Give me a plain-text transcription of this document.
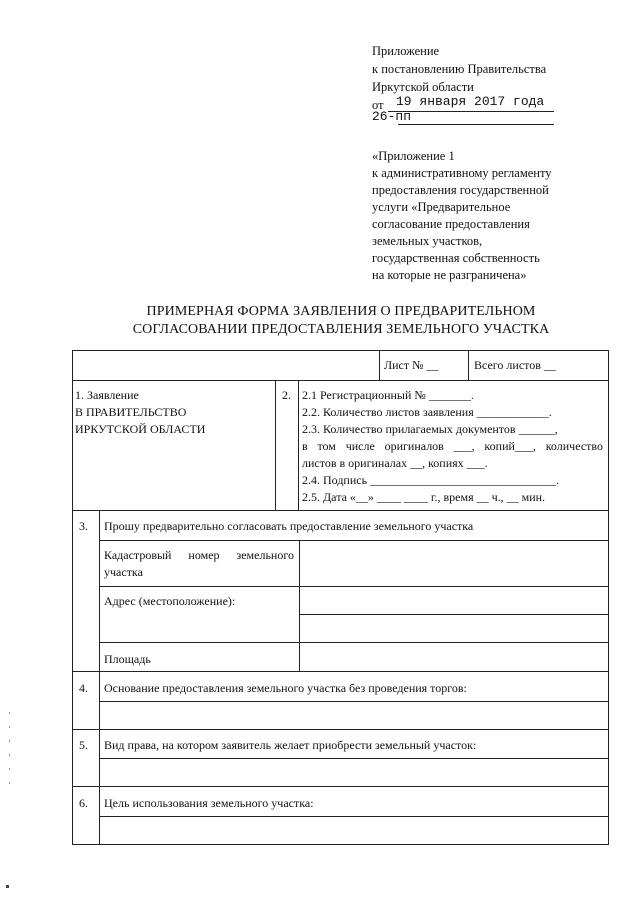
Приложение
к постановлению Правительства
Иркутской области
от 19 января 2017 года
26-пп
«Приложение 1
к административному регламенту
предоставления государственной
услуги «Предварительное
согласование предоставления
земельных участков,
государственная собственность
на которые не разграничена»
ПРИМЕРНАЯ ФОРМА ЗАЯВЛЕНИЯ О ПРЕДВАРИТЕЛЬНОМ
СОГЛАСОВАНИИ ПРЕДОСТАВЛЕНИЯ ЗЕМЕЛЬНОГО УЧАСТКА
Лист № __	Всего листов __
1. Заявление
В ПРАВИТЕЛЬСТВО
ИРКУТСКОЙ ОБЛАСТИ
2. 2.1 Регистрационный № _______.
2.2. Количество листов заявления ____________.
2.3. Количество прилагаемых документов ______,
в том числе оригиналов ___, копий___, количество
листов в оригиналах __, копиях ___.
2.4. Подпись _______________________________.
2.5. Дата «__» ____ ____ г., время __ ч., __ мин.
3. Прошу предварительно согласовать предоставление земельного участка
Кадастровый номер земельного
участка
Адрес (местоположение):
Площадь
4. Основание предоставления земельного участка без проведения торгов:
5. Вид права, на котором заявитель желает приобрести земельный участок:
6. Цель использования земельного участка:
